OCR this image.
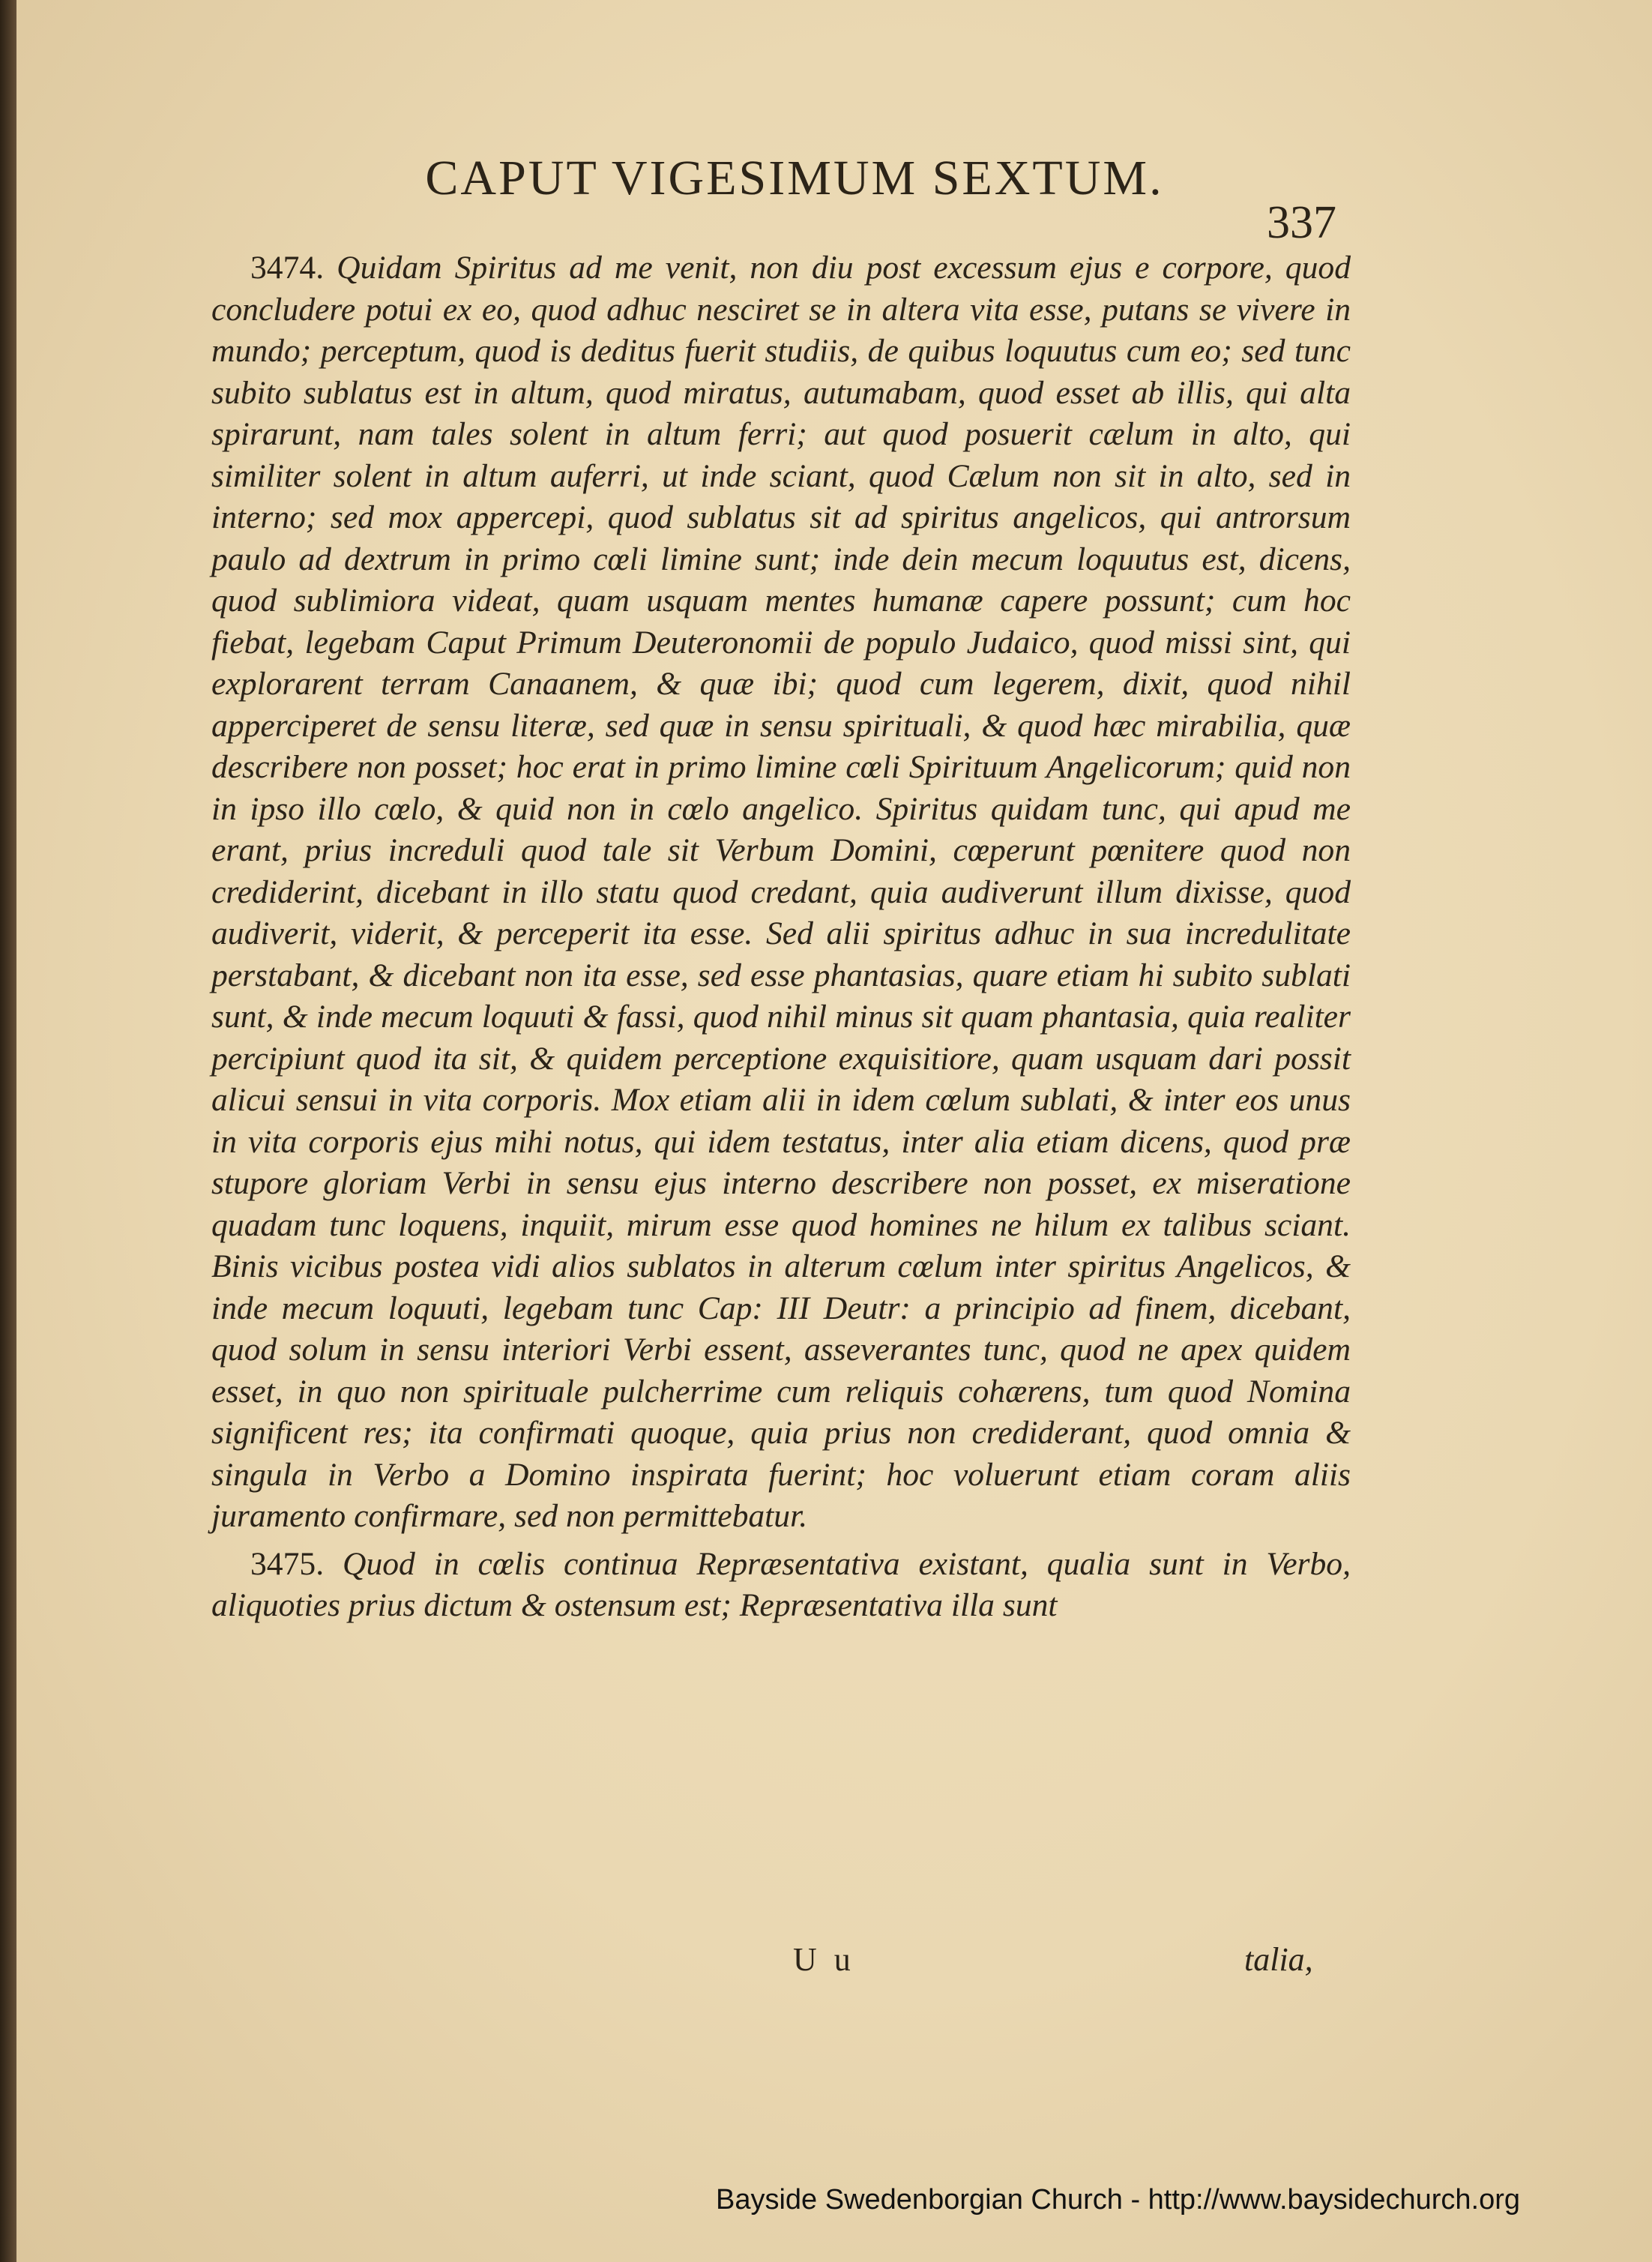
CAPUT VIGESIMUM SEXTUM.
337

3474. Quidam Spiritus ad me venit, non diu post excessum ejus e corpore, quod concludere potui ex eo, quod adhuc nesciret se in altera vita esse, putans se vivere in mundo; perceptum, quod is deditus fuerit studiis, de quibus loquutus cum eo; sed tunc subito sublatus est in altum, quod miratus, autumabam, quod esset ab illis, qui alta spirarunt, nam tales solent in altum ferri; aut quod posuerit cælum in alto, qui similiter solent in altum auferri, ut inde sciant, quod Cælum non sit in alto, sed in interno; sed mox appercepi, quod sublatus sit ad spiritus angelicos, qui antrorsum paulo ad dextrum in primo cœli limine sunt; inde dein mecum loquutus est, dicens, quod sublimiora videat, quam usquam mentes humanæ capere possunt; cum hoc fiebat, legebam Caput Primum Deuteronomii de populo Judaico, quod missi sint, qui explorarent terram Canaanem, & quæ ibi; quod cum legerem, dixit, quod nihil apperciperet de sensu literæ, sed quæ in sensu spirituali, & quod hæc mirabilia, quæ describere non posset; hoc erat in primo limine cœli Spirituum Angelicorum; quid non in ipso illo cœlo, & quid non in cœlo angelico. Spiritus quidam tunc, qui apud me erant, prius increduli quod tale sit Verbum Domini, cœperunt pœnitere quod non crediderint, dicebant in illo statu quod credant, quia audiverunt illum dixisse, quod audiverit, viderit, & perceperit ita esse. Sed alii spiritus adhuc in sua incredulitate perstabant, & dicebant non ita esse, sed esse phantasias, quare etiam hi subito sublati sunt, & inde mecum loquuti & fassi, quod nihil minus sit quam phantasia, quia realiter percipiunt quod ita sit, & quidem perceptione exquisitiore, quam usquam dari possit alicui sensui in vita corporis. Mox etiam alii in idem cœlum sublati, & inter eos unus in vita corporis ejus mihi notus, qui idem testatus, inter alia etiam dicens, quod præ stupore gloriam Verbi in sensu ejus interno describere non posset, ex miseratione quadam tunc loquens, inquiit, mirum esse quod homines ne hilum ex talibus sciant. Binis vicibus postea vidi alios sublatos in alterum cœlum inter spiritus Angelicos, & inde mecum loquuti, legebam tunc Cap: III Deutr: a principio ad finem, dicebant, quod solum in sensu interiori Verbi essent, asseverantes tunc, quod ne apex quidem esset, in quo non spirituale pulcherrime cum reliquis cohærens, tum quod Nomina significent res; ita confirmati quoque, quia prius non crediderant, quod omnia & singula in Verbo a Domino inspirata fuerint; hoc voluerunt etiam coram aliis juramento confirmare, sed non permittebatur.

3475. Quod in cœlis continua Repræsentativa existant, qualia sunt in Verbo, aliquoties prius dictum & ostensum est; Repræsentativa illa sunt

U u	talia,
Bayside Swedenborgian Church - http://www.baysidechurch.org
